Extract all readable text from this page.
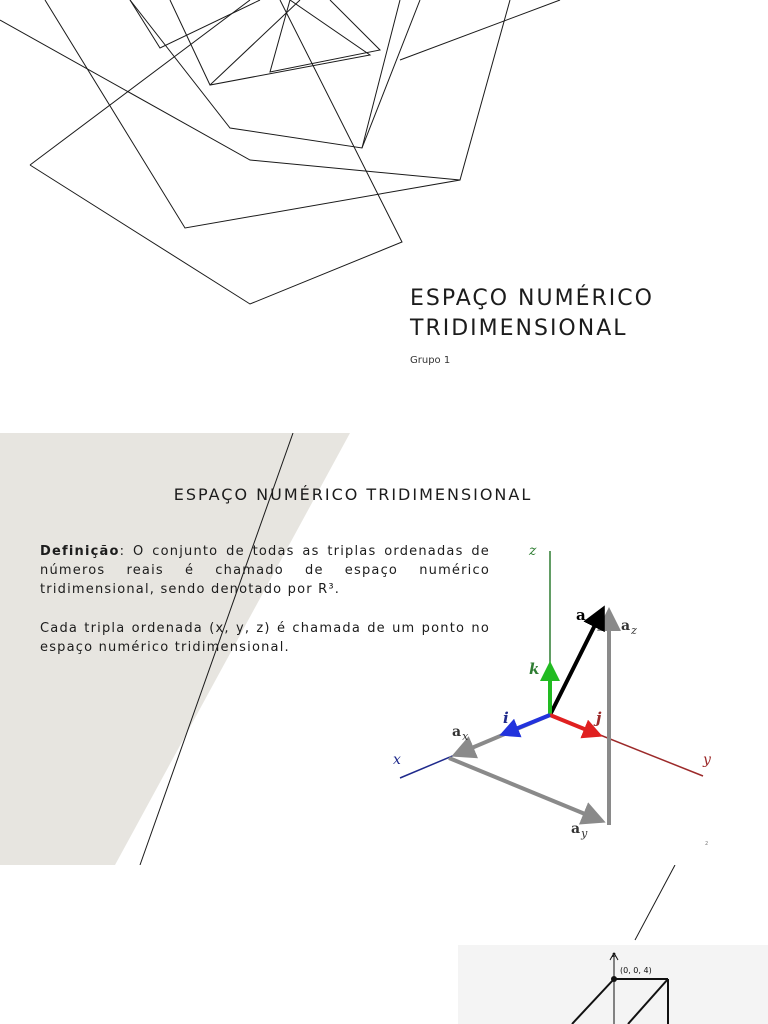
ESPAÇO NUMÉRICO
TRIDIMENSIONAL
Grupo 1
ESPAÇO NUMÉRICO TRIDIMENSIONAL
Definição: O conjunto de todas as triplas ordenadas de números reais é chamado de espaço numérico tridimensional, sendo denotado por R³.
Cada tripla ordenada (x, y, z) é chamada de um ponto no espaço numérico tridimensional.
z
x	y
a
$a_z$
$a_x$
$a_y$
k
j
i
2
z
(0, 0, 4)
